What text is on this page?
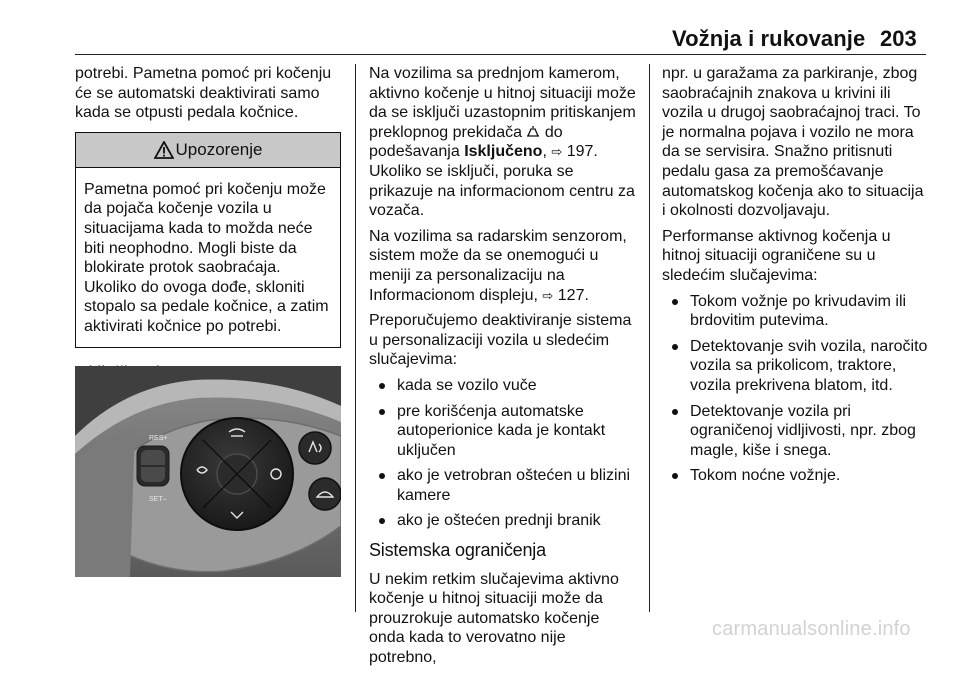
Vožnja i rukovanje 203

potrebi. Pametna pomoć pri kočenju će se automatski deaktivirati samo kada se otpusti pedala kočnice.

Upozorenje
Pametna pomoć pri kočenju može da pojača kočenje vozila u situacijama kada to možda neće biti neophodno. Mogli biste da blokirate protok saobraćaja. Ukoliko do ovoga dođe, skloniti stopalo sa pedale kočnice, a zatim aktivirati kočnice po potrebi.
RES+
SET–

Na vozilima sa prednjom kamerom, aktivno kočenje u hitnoj situaciji može da se isključi uzastopnim pritiskanjem preklopnog prekidača  do podešavanja Isključeno, ⇨ 197. Ukoliko se isključi, poruka se prikazuje na informacionom centru za vozača.

Na vozilima sa radarskim senzorom, sistem može da se onemogući u meniji za personalizaciju na Informacionom displeju, ⇨ 127.

Preporučujemo deaktiviranje sistema u personalizaciji vozila u sledećim slučajevima:

kada se vozilo vuče
pre korišćenja automatske autoperionice kada je kontakt uključen
ako je vetrobran oštećen u blizini kamere
ako je oštećen prednji branik
Sistemska ograničenja

U nekim retkim slučajevima aktivno kočenje u hitnoj situaciji može da prouzrokuje automatsko kočenje onda kada to verovatno nije potrebno,

npr. u garažama za parkiranje, zbog saobraćajnih znakova u krivini ili vozila u drugoj saobraćajnoj traci. To je normalna pojava i vozilo ne mora da se servisira. Snažno pritisnuti pedalu gasa za premošćavanje automatskog kočenja ako to situacija i okolnosti dozvoljavaju.

Performanse aktivnog kočenja u hitnoj situaciji ograničene su u sledećim slučajevima:

Tokom vožnje po krivudavim ili brdovitim putevima.
Detektovanje svih vozila, naročito vozila sa prikolicom, traktore, vozila prekrivena blatom, itd.
Detektovanje vozila pri ograničenoj vidljivosti, npr. zbog magle, kiše i snega.
Tokom noćne vožnje.
carmanualsonline.info
